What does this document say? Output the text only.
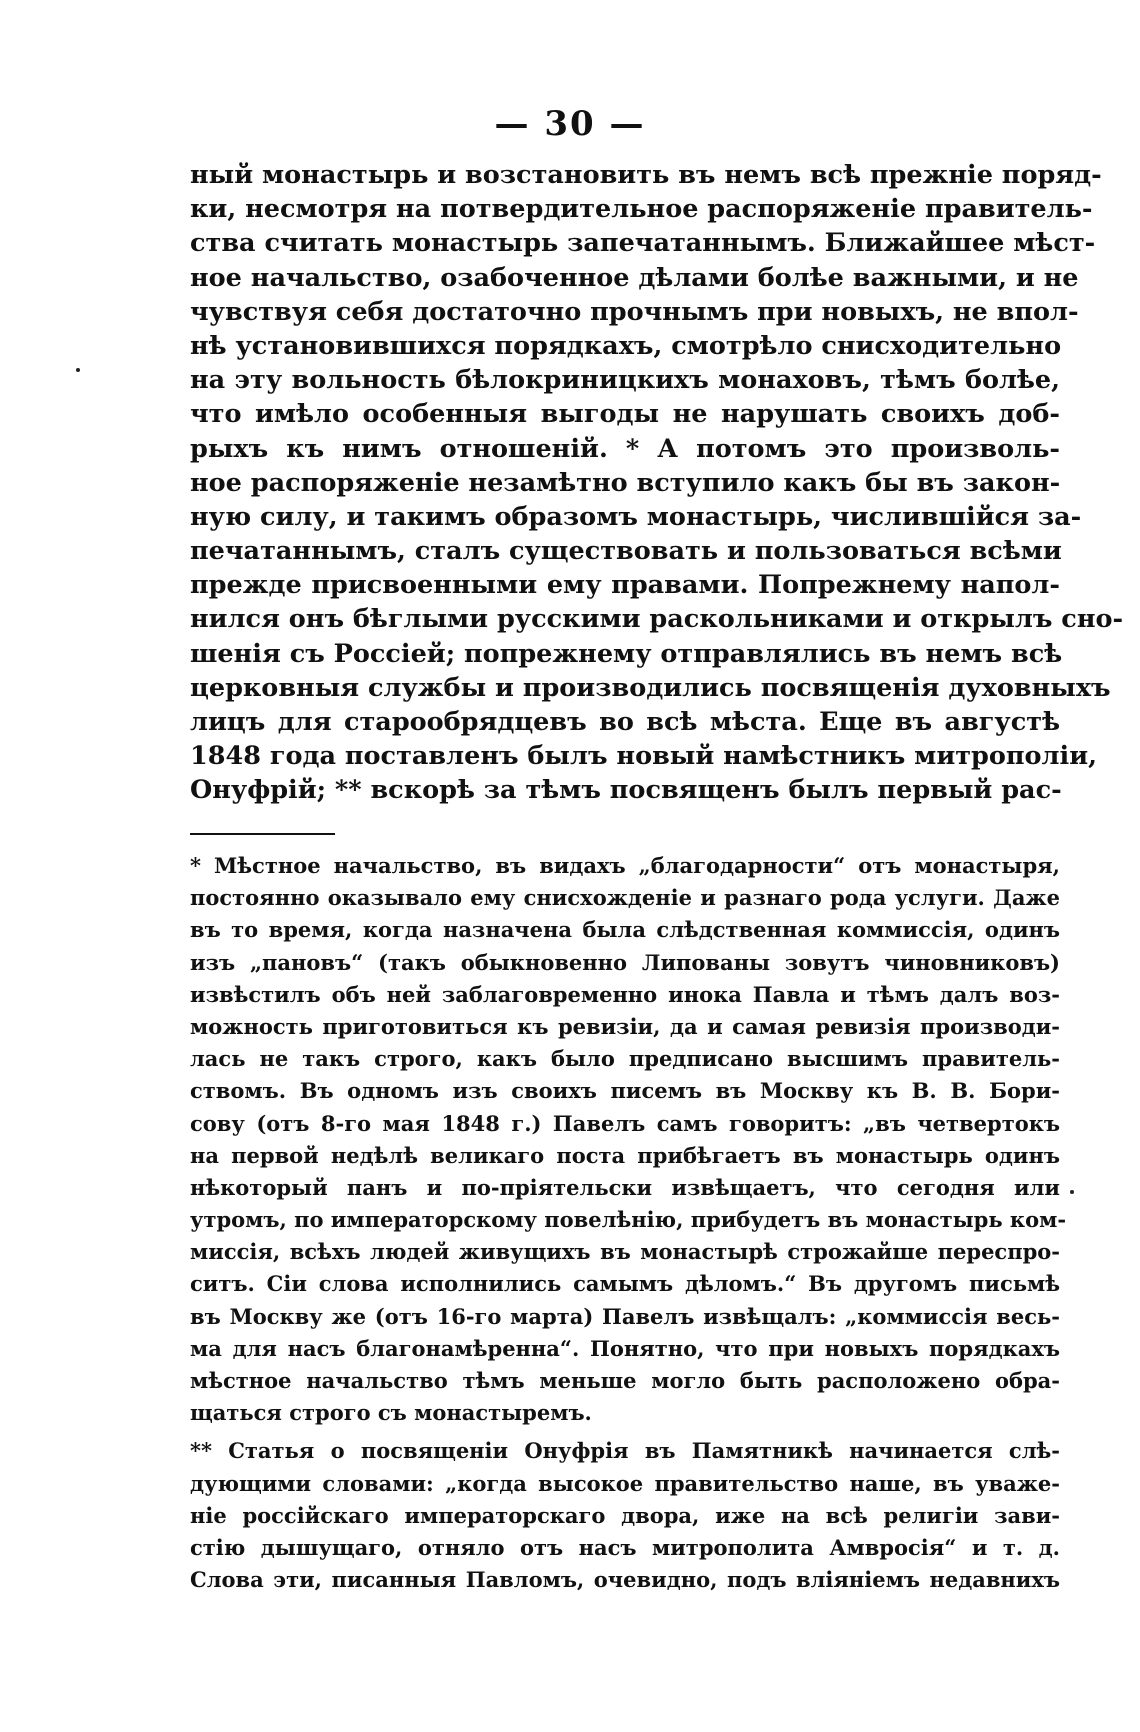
— 30 —
ный монастырь и возстановить въ немъ всѣ прежніе поряд-
ки, несмотря на потвердительное распоряженіе правитель-
ства считать монастырь запечатаннымъ. Ближайшее мѣст-
ное начальство, озабоченное дѣлами болѣе важными, и не
чувствуя себя достаточно прочнымъ при новыхъ, не впол-
нѣ установившихся порядкахъ, смотрѣло снисходительно
на эту вольность бѣлокриницкихъ монаховъ, тѣмъ болѣе,
что имѣло особенныя выгоды не нарушать своихъ доб-
рыхъ къ нимъ отношеній. * А потомъ это произволь-
ное распоряженіе незамѣтно вступило какъ бы въ закон-
ную силу, и такимъ образомъ монастырь, числившійся за-
печатаннымъ, сталъ существовать и пользоваться всѣми
прежде присвоенными ему правами. Попрежнему напол-
нился онъ бѣглыми русскими раскольниками и открылъ сно-
шенія съ Россіей; попрежнему отправлялись въ немъ всѣ
церковныя службы и производились посвященія духовныхъ
лицъ для старообрядцевъ во всѣ мѣста. Еще въ августѣ
1848 года поставленъ былъ новый намѣстникъ митрополіи,
Онуфрій; ** вскорѣ за тѣмъ посвященъ былъ первый рас-
* Мѣстное начальство, въ видахъ „благодарности“ отъ монастыря,
постоянно оказывало ему снисхожденіе и разнаго рода услуги. Даже
въ то время, когда назначена была слѣдственная коммиссія, одинъ
изъ „пановъ“ (такъ обыкновенно Липованы зовутъ чиновниковъ)
извѣстилъ объ ней заблаговременно инока Павла и тѣмъ далъ воз-
можность приготовиться къ ревизіи, да и самая ревизія производи-
лась не такъ строго, какъ было предписано высшимъ правитель-
ствомъ. Въ одномъ изъ своихъ писемъ въ Москву къ В. В. Бори-
сову (отъ 8-го мая 1848 г.) Павелъ самъ говоритъ: „въ четвертокъ
на первой недѣлѣ великаго поста прибѣгаетъ въ монастырь одинъ
нѣкоторый панъ и по-пріятельски извѣщаетъ, что сегодня или
утромъ, по императорскому повелѣнію, прибудетъ въ монастырь ком-
миссія, всѣхъ людей живущихъ въ монастырѣ строжайше переспро-
ситъ. Сіи слова исполнились самымъ дѣломъ.“ Въ другомъ письмѣ
въ Москву же (отъ 16-го марта) Павелъ извѣщалъ: „коммиссія весь-
ма для насъ благонамѣренна“. Понятно, что при новыхъ порядкахъ
мѣстное начальство тѣмъ меньше могло быть расположено обра-
щаться строго съ монастыремъ.
** Статья о посвященіи Онуфрія въ Памятникѣ начинается слѣ-
дующими словами: „когда высокое правительство наше, въ уваже-
ніе россійскаго императорскаго двора, иже на всѣ религіи зави-
стію дышущаго, отняло отъ насъ митрополита Амвросія“ и т. д.
Слова эти, писанныя Павломъ, очевидно, подъ вліяніемъ недавнихъ
